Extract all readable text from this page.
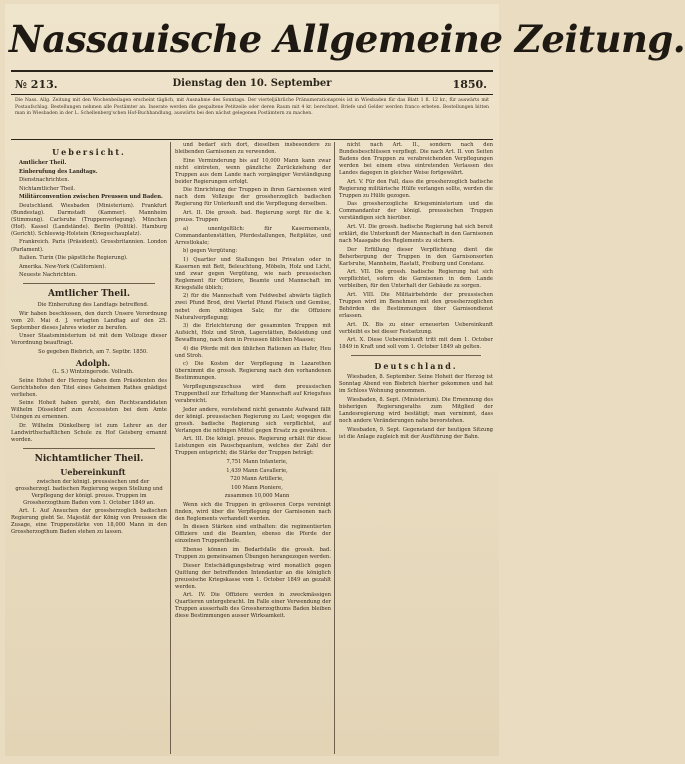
Nassauische Allgemeine Zeitung.
№ 213.	Dienstag den 10. September	1850.
Die Nass. Allg. Zeitung mit den Wochenbeilagen erscheint täglich, mit Ausnahme des Sonntags. Der vierteljährliche Pränumerationspreis ist in Wiesbaden für das Blatt 1 fl. 12 kr., für auswärts mit Postaufschlag. Bestellungen nehmen alle Postämter an. Inserate werden die gespaltene Petitzeile oder deren Raum mit 4 kr. berechnet. Briefe und Gelder werden franco erbeten. Bestellungen bitten man in Wiesbaden in der L. Schellenberg'schen Hof-Buchhandlung, auswärts bei den nächst gelegenen Postämtern zu machen.
Uebersicht.

Amtlicher Theil.

Einberufung des Landtags.

Dienstnachrichten.

Nichtamtlicher Theil.

Militärconvention zwischen Preussen und Baden.

Deutschland. Wiesbaden (Ministerium). Frankfurt (Bundestag). Darmstadt (Kammer). Mannheim (Stimmung). Carlsruhe (Truppenverlegung). München (Hof). Kassel (Landstände). Berlin (Politik). Hamburg (Gericht). Schleswig-Holstein (Kriegsschauplatz).

Frankreich. Paris (Präsident). Grossbritannien. London (Parlament).

Italien. Turin (Die päpstliche Regierung).

Amerika. New-York (Californien).

Neueste Nachrichten.

Amtlicher Theil.

Die Einberufung des Landtags betreffend.

Wir haben beschlossen, den durch Unsere Verordnung vom 20. Mai d. J. vertagten Landtag auf den 25. September dieses Jahres wieder zu berufen.

Unser Staatsministerium ist mit dem Vollzuge dieser Verordnung beauftragt.

So gegeben Biebrich, am 7. Septbr. 1850.

Adolph.

(L. S.) Wintzingerode. Vollrath.

Seine Hoheit der Herzog haben dem Präsidenten des Gerichtshofes den Titel eines Geheimen Rathes gnädigst verliehen.

Seine Hoheit haben geruht, den Rechtscandidaten Wilhelm Düsseldorf zum Accessisten bei dem Amte Usingen zu ernennen.

Dr. Wilhelm Dünkelberg ist zum Lehrer an der Landwirthschaftlichen Schule zu Hof Geisberg ernannt worden.

Nichtamtlicher Theil.

Uebereinkunft

zwischen der königl. preussischen und der grossherzogl. badischen Regierung wegen Stellung und Verpflegung der königl. preuss. Truppen im Grossherzogthum Baden vom 1. October 1849 an.

Art. I. Auf Ansuchen der grossherzoglich badischen Regierung giebt Se. Majestät der König von Preussen die Zusage, eine Truppenstärke von 18,000 Mann in den Grossherzogthum Baden stehen zu lassen.

und bedarf sich dort, dieselben insbesondere zu bleibenden Garnisonen zu verwenden.

Eine Verminderung bis auf 10,000 Mann kann zwar nicht eintreten, wenn gänzliche Zurückziehung der Truppen aus dem Lande nach vorgängiger Verständigung beider Regierungen erfolgt.

Die Einrichtung der Truppen in ihren Garnisonen wird nach dem Vollzuge der grossherzoglich badischen Regierung für Unterkunft und die Verpflegung derselben.

Art. II. Die grossh. bad. Regierung sorgt für die k. preuss. Truppen

a) unentgeltlich: für Kasernements, Commandantenstätten, Pferdestallungen, Reitplätze, und Arrestlokale;

b) gegen Vergütung:

1) Quartier und Stallungen bei Privaten oder in Kasernen mit Bett, Beleuchtung, Möbeln, Holz und Licht, und zwar gegen Vergütung, wie nach preussischen Reglement für Offiziere, Beamte und Mannschaft im Kriegsfalle üblich;

2) für die Mannschaft vom Feldwebel abwärts täglich zwei Pfund Brod, drei Viertel Pfund Fleisch und Gemüse, nebst dem nöthigen Salz; für die Offiziere Naturalverpflegung;

3) die Erleichterung der gesammten Truppen mit Aufsicht, Holz und Stroh, Lagerstätten, Bekleidung und Bewaffnung, nach dem in Preussen üblichen Maasse;

4) die Pferde mit den üblichen Rationen an Hafer, Heu und Stroh.

c) Die Kosten der Verpflegung in Lazarethen übernimmt die grossh. Regierung nach den vorhandenen Bestimmungen.

Verpflegungszuschuss wird dem preussischen Truppentheil zur Erhaltung der Mannschaft auf Kriegsfuss verabreicht.

Jeder andere, vorstehend nicht genannte Aufwand fällt der königl. preussischen Regierung zu Last; wogegen die grossh. badische Regierung sich verpflichtet, auf Verlangen die nöthigen Mittel gegen Ersatz zu gewähren.

Art. III. Die königl. preuss. Regierung erhält für diese Leistungen ein Pauschquantum, welches der Zahl der Truppen entspricht; die Stärke der Truppen beträgt:

7,751 Mann Infanterie,

1,439 Mann Cavallerie,

720 Mann Artillerie,

100 Mann Pioniere,

zusammen 10,000 Mann

Wenn sich die Truppen in grösseren Corps vereinigt finden, wird über die Verpflegung der Garnisonen nach den Reglements verhandelt werden.

In diesen Stärken sind enthalten: die regimentierten Offiziere und die Beamten, ebenso die Pferde der einzelnen Truppentheile.

Ebenso können im Bedarfsfalle die grossh. bad. Truppen zu gemeinsamen Übungen herangezogen werden.

Dieser Entschädigungsbetrag wird monatlich gegen Quittung der betreffenden Intendantur an die königlich preussische Kriegskasse vom 1. October 1849 an gezahlt werden.

Art. IV. Die Offiziere werden in zweckmässigen Quartieren untergebracht. Im Falle einer Verwendung der Truppen ausserhalb des Grossherzogthums Baden bleiben diese Bestimmungen ausser Wirksamkeit.

nicht nach Art. II., sondern nach den Bundesbeschlüssen verpflegt. Die nach Art. II. von Seiten Badens den Truppen zu verabreichenden Verpflegungen werden bei einem etwa eintretenden Verlassen des Landes dagegen in gleicher Weise fortgewährt.

Art. V. Für den Fall, dass die grossherzoglich badische Regierung militärische Hülfe verlangen sollte, werden die Truppen zu Hülfe gezogen.

Das grossherzogliche Kriegsministerium und die Commandantur der königl. preussischen Truppen verständigen sich hierüber.

Art. VI. Die grossh. badische Regierung hat sich bereit erklärt, die Unterkunft der Mannschaft in den Garnisonen nach Maasgabe des Reglements zu sichern.

Der Erfüllung dieser Verpflichtung dient die Beherbergung der Truppen in den Garnisonsorten Karlsruhe, Mannheim, Rastatt, Freiburg und Constanz.

Art. VII. Die grossh. badische Regierung hat sich verpflichtet, sofern die Garnisonen in dem Lande verbleiben, für den Unterhalt der Gebäude zu sorgen.

Art. VIII. Die Militairbehörde der preussischen Truppen wird im Benehmen mit den grossherzoglichen Behörden die Bestimmungen über Garnisondienst erlassen.

Art. IX. Bis zu einer erneuerten Uebereinkunft verbleibt es bei dieser Festsetzung.

Art. X. Diese Uebereinkunft tritt mit dem 1. October 1849 in Kraft und soll vom 1. October 1849 ab gelten.

Deutschland.

Wiesbaden, 8. September. Seine Hoheit der Herzog ist Sonntag Abend von Biebrich hierher gekommen und hat im Schloss Wohnung genommen.

Wiesbaden, 8. Sept. (Ministerium). Die Ernennung des bisherigen Regierungsraths zum Mitglied der Landesregierung wird bestätigt; man vernimmt, dass noch andere Veränderungen nahe bevorstehen.

Wiesbaden, 9. Sept. Gegenstand der heutigen Sitzung ist die Anlage zugleich mit der Ausführung der Bahn.
